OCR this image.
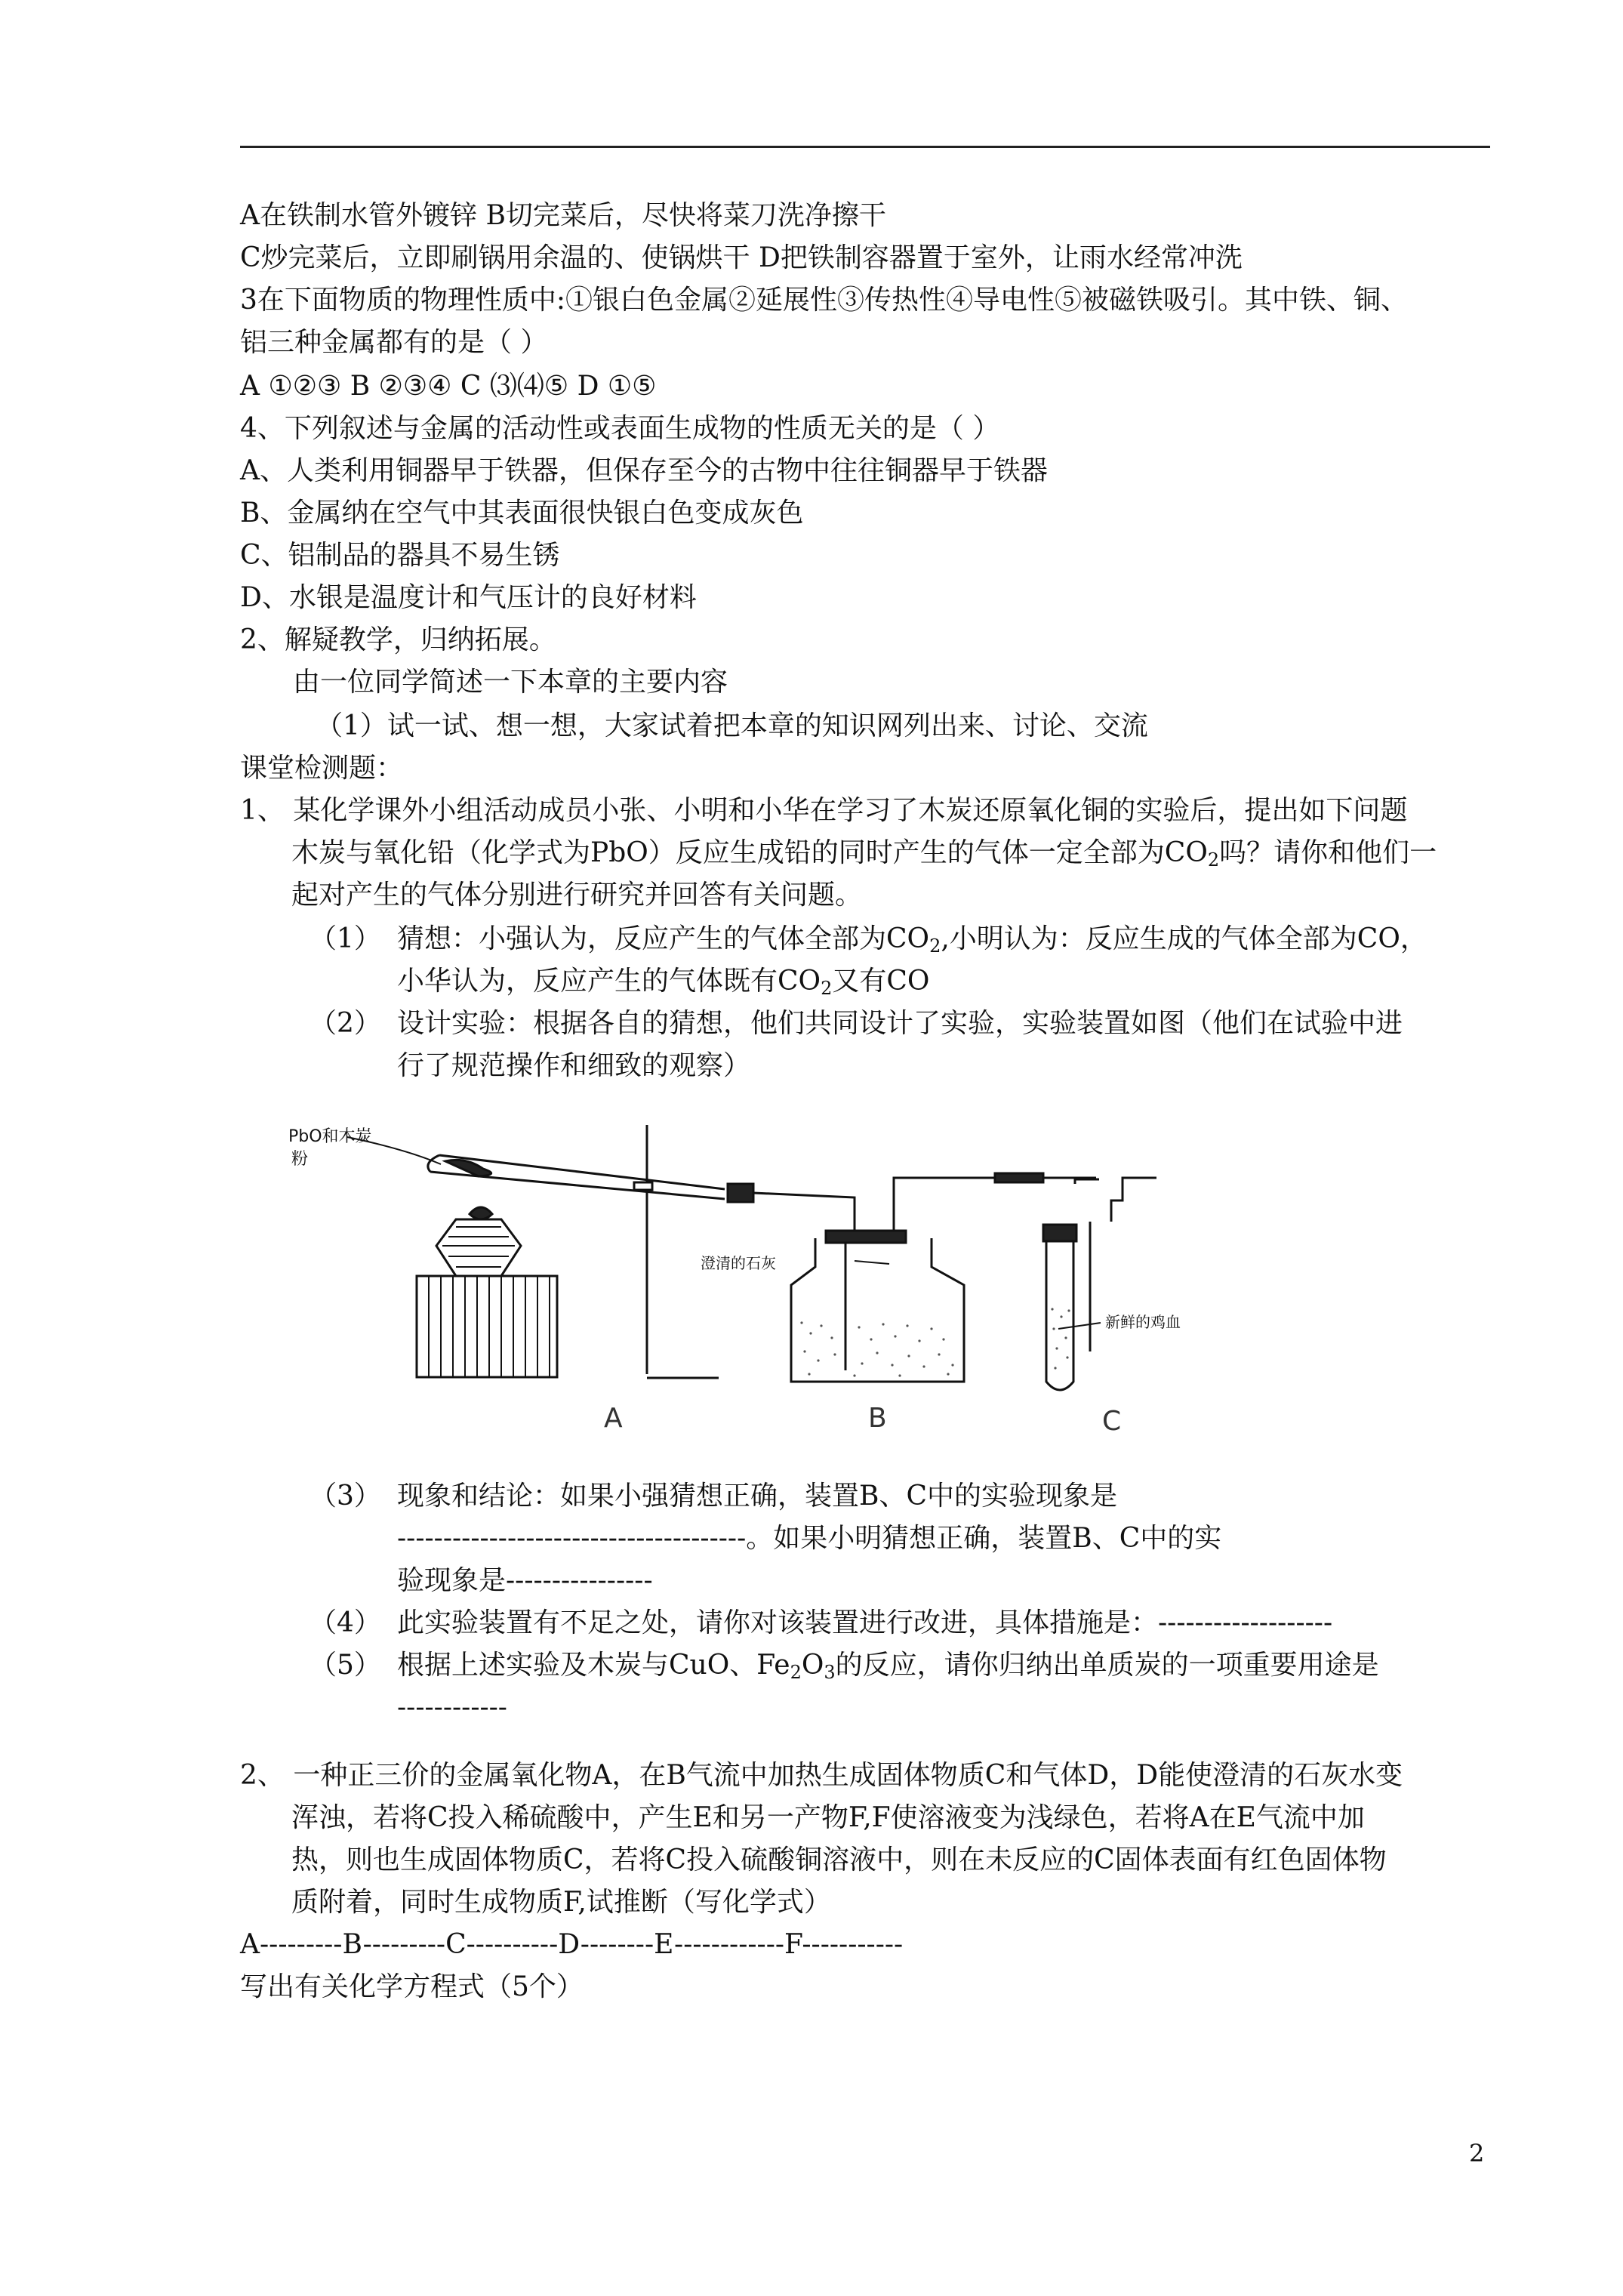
A在铁制水管外镀锌 B切完菜后，尽快将菜刀洗净擦干
C炒完菜后，立即刷锅用余温的、使锅烘干 D把铁制容器置于室外，让雨水经常冲洗
3在下面物质的物理性质中:①银白色金属②延展性③传热性④导电性⑤被磁铁吸引。其中铁、铜、
铝三种金属都有的是（ ）
A ①②③ B ②③④ C ⑶⑷⑤ D ①⑤
4、下列叙述与金属的活动性或表面生成物的性质无关的是（ ）
A、人类利用铜器早于铁器，但保存至今的古物中往往铜器早于铁器
B、金属纳在空气中其表面很快银白色变成灰色
C、铝制品的器具不易生锈
D、水银是温度计和气压计的良好材料
2、解疑教学，归纳拓展。
由一位同学简述一下本章的主要内容
（1）试一试、想一想，大家试着把本章的知识网列出来、讨论、交流
课堂检测题：
1、 某化学课外小组活动成员小张、小明和小华在学习了木炭还原氧化铜的实验后，提出如下问题
木炭与氧化铅（化学式为PbO）反应生成铅的同时产生的气体一定全部为$CO_2$吗？请你和他们一
起对产生的气体分别进行研究并回答有关问题。
（1） 猜想：小强认为，反应产生的气体全部为$CO_2$,小明认为：反应生成的气体全部为CO，
小华认为，反应产生的气体既有$CO_2$又有CO
（2） 设计实验：根据各自的猜想，他们共同设计了实验，实验装置如图（他们在试验中进
行了规范操作和细致的观察）
PbO和木炭
粉
澄清的石灰
新鲜的鸡血
A	B	C
（3） 现象和结论：如果小强猜想正确，装置B、C中的实验现象是
--------------------------------------。如果小明猜想正确，装置B、C中的实
验现象是----------------
（4） 此实验装置有不足之处，请你对该装置进行改进，具体措施是：-------------------
（5） 根据上述实验及木炭与CuO、$Fe_2O_3$的反应，请你归纳出单质炭的一项重要用途是
------------
2、 一种正三价的金属氧化物A，在B气流中加热生成固体物质C和气体D，D能使澄清的石灰水变
浑浊，若将C投入稀硫酸中，产生E和另一产物F,F使溶液变为浅绿色，若将A在E气流中加
热，则也生成固体物质C，若将C投入硫酸铜溶液中，则在未反应的C固体表面有红色固体物
质附着，同时生成物质F,试推断（写化学式）
A---------B---------C----------D--------E------------F-----------
写出有关化学方程式（5个）
2
